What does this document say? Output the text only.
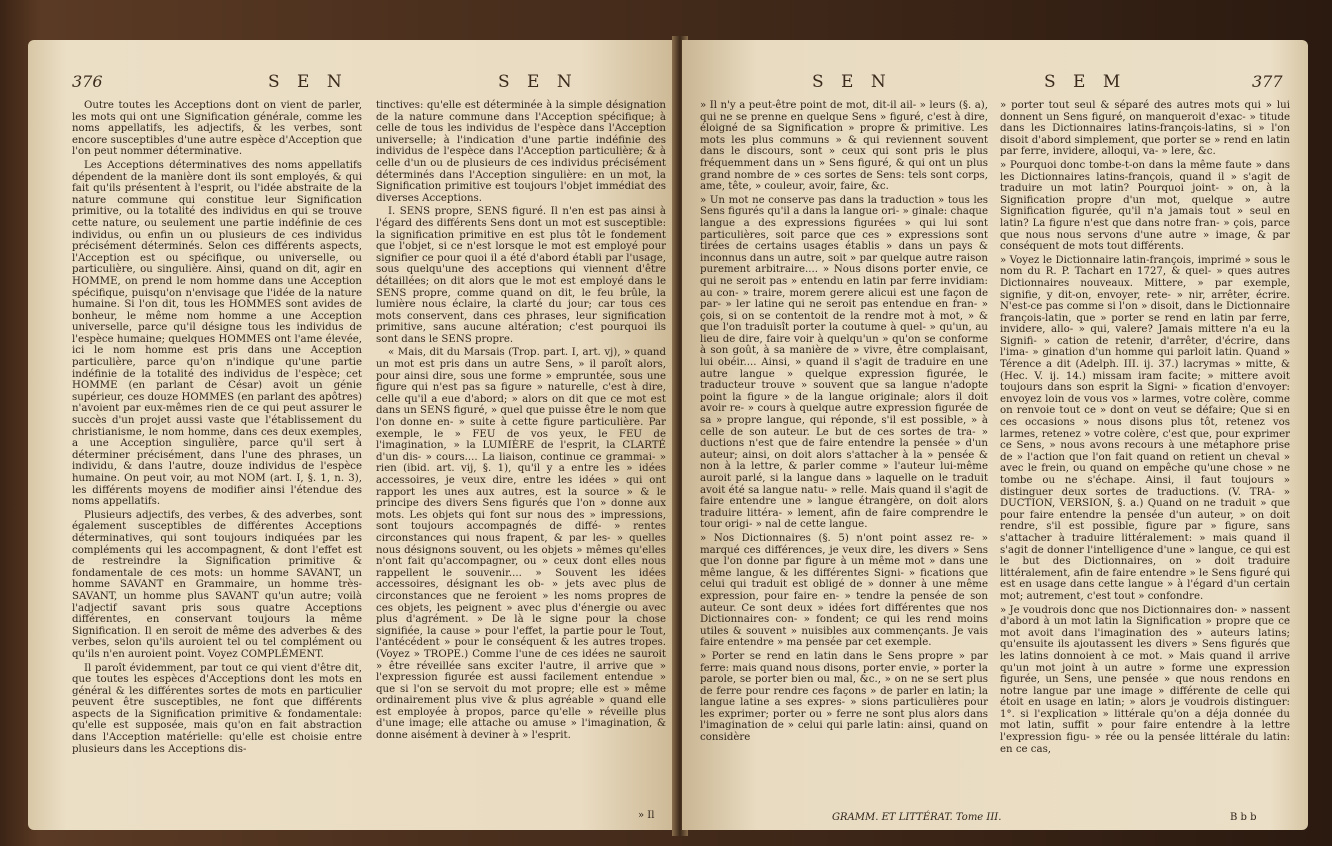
376	S E N	S E N

Outre toutes les Acceptions dont on vient de parler, les mots qui ont une Signification générale, comme les noms appellatifs, les adjectifs, & les verbes, sont encore susceptibles d'une autre espèce d'Acception que l'on peut nommer déterminative.

Les Acceptions déterminatives des noms appellatifs dépendent de la manière dont ils sont employés, & qui fait qu'ils présentent à l'esprit, ou l'idée abstraite de la nature commune qui constitue leur Signification primitive, ou la totalité des individus en qui se trouve cette nature, ou seulement une partie indéfinie de ces individus, ou enfin un ou plusieurs de ces individus précisément déterminés. Selon ces différents aspects, l'Acception est ou spécifique, ou universelle, ou particulière, ou singulière. Ainsi, quand on dit, agir en HOMME, on prend le nom homme dans une Acception spécifique, puisqu'on n'envisage que l'idée de la nature humaine. Si l'on dit, tous les HOMMES sont avides de bonheur, le même nom homme a une Acception universelle, parce qu'il désigne tous les individus de l'espèce humaine; quelques HOMMES ont l'ame élevée, ici le nom homme est pris dans une Acception particulière, parce qu'on n'indique qu'une partie indéfinie de la totalité des individus de l'espèce; cet HOMME (en parlant de César) avoit un génie supérieur, ces douze HOMMES (en parlant des apôtres) n'avoient par eux-mêmes rien de ce qui peut assurer le succès d'un projet aussi vaste que l'établissement du christianisme, le nom homme, dans ces deux exemples, a une Acception singulière, parce qu'il sert à déterminer précisément, dans l'une des phrases, un individu, & dans l'autre, douze individus de l'espèce humaine. On peut voir, au mot NOM (art. I, §. 1, n. 3), les différents moyens de modifier ainsi l'étendue des noms appellatifs.

Plusieurs adjectifs, des verbes, & des adverbes, sont également susceptibles de différentes Acceptions déterminatives, qui sont toujours indiquées par les compléments qui les accompagnent, & dont l'effet est de restreindre la Signification primitive & fondamentale de ces mots: un homme SAVANT, un homme SAVANT en Grammaire, un homme très-SAVANT, un homme plus SAVANT qu'un autre; voilà l'adjectif savant pris sous quatre Acceptions différentes, en conservant toujours la même Signification. Il en seroit de même des adverbes & des verbes, selon qu'ils auroient tel ou tel complément ou qu'ils n'en auroient point. Voyez COMPLÉMENT.

Il paroît évidemment, par tout ce qui vient d'être dit, que toutes les espèces d'Acceptions dont les mots en général & les différentes sortes de mots en particulier peuvent être susceptibles, ne font que différents aspects de la Signification primitive & fondamentale: qu'elle est supposée, mais qu'on en fait abstraction dans l'Acception matérielle: qu'elle est choisie entre plusieurs dans les Acceptions dis-

tinctives: qu'elle est déterminée à la simple désignation de la nature commune dans l'Acception spécifique; à celle de tous les individus de l'espèce dans l'Acception universelle; à l'indication d'une partie indéfinie des individus de l'espèce dans l'Acception particulière; & à celle d'un ou de plusieurs de ces individus précisément déterminés dans l'Acception singulière: en un mot, la Signification primitive est toujours l'objet immédiat des diverses Acceptions.

I. SENS propre, SENS figuré. Il n'en est pas ainsi à l'égard des différents Sens dont un mot est susceptible: la signification primitive en est plus tôt le fondement que l'objet, si ce n'est lorsque le mot est employé pour signifier ce pour quoi il a été d'abord établi par l'usage, sous quelqu'une des acceptions qui viennent d'être détaillées; on dit alors que le mot est employé dans le SENS propre, comme quand on dit, le feu brûle, la lumière nous éclaire, la clarté du jour; car tous ces mots conservent, dans ces phrases, leur signification primitive, sans aucune altération; c'est pourquoi ils sont dans le SENS propre.

« Mais, dit du Marsais (Trop. part. I, art. vj), » quand un mot est pris dans un autre Sens, » il paroît alors, pour ainsi dire, sous une forme » empruntée, sous une figure qui n'est pas sa figure » naturelle, c'est à dire, celle qu'il a eue d'abord; » alors on dit que ce mot est dans un SENS figuré, » quel que puisse être le nom que l'on donne en- » suite à cette figure particulière. Par exemple, le » FEU de vos yeux, le FEU de l'imagination, » la LUMIÈRE de l'esprit, la CLARTÉ d'un dis- » cours.... La liaison, continue ce grammai- » rien (ibid. art. vij, §. 1), qu'il y a entre les » idées accessoires, je veux dire, entre les idées » qui ont rapport les unes aux autres, est la source » & le principe des divers Sens figurés que l'on » donne aux mots. Les objets qui font sur nous des » impressions, sont toujours accompagnés de diffé- » rentes circonstances qui nous frapent, & par les- » quelles nous désignons souvent, ou les objets » mêmes qu'elles n'ont fait qu'accompagner, ou » ceux dont elles nous rappellent le souvenir.... » Souvent les idées accessoires, désignant les ob- » jets avec plus de circonstances que ne feroient » les noms propres de ces objets, les peignent » avec plus d'énergie ou avec plus d'agrément. » De là le signe pour la chose signifiée, la cause » pour l'effet, la partie pour le Tout, l'antécédent » pour le conséquent & les autres tropes. (Voyez » TROPE.) Comme l'une de ces idées ne sauroit » être réveillée sans exciter l'autre, il arrive que » l'expression figurée est aussi facilement entendue » que si l'on se servoit du mot propre; elle est » même ordinairement plus vive & plus agréable » quand elle est employée à propos, parce qu'elle » réveille plus d'une image; elle attache ou amuse » l'imagination, & donne aisément à deviner à » l'esprit.

» Il
S E N	S E M	377

» Il n'y a peut-être point de mot, dit-il ail- » leurs (§. a), qui ne se prenne en quelque Sens » figuré, c'est à dire, éloigné de sa Signification » propre & primitive. Les mots les plus communs » & qui reviennent souvent dans le discours, sont » ceux qui sont pris le plus fréquemment dans un » Sens figuré, & qui ont un plus grand nombre de » ces sortes de Sens: tels sont corps, ame, tête, » couleur, avoir, faire, &c.

» Un mot ne conserve pas dans la traduction » tous les Sens figurés qu'il a dans la langue ori- » ginale: chaque langue a des expressions figurées » qui lui sont particulières, soit parce que ces » expressions sont tirées de certains usages établis » dans un pays & inconnus dans un autre, soit » par quelque autre raison purement arbitraire.... » Nous disons porter envie, ce qui ne seroit pas » entendu en latin par ferre invidiam: au con- » traire, morem gerere alicui est une façon de par- » ler latine qui ne seroit pas entendue en fran- » çois, si on se contentoit de la rendre mot à mot, » & que l'on traduisît porter la coutume à quel- » qu'un, au lieu de dire, faire voir à quelqu'un » qu'on se conforme à son goût, à sa manière de » vivre, être complaisant, lui obéir.... Ainsi, » quand il s'agit de traduire en une autre langue » quelque expression figurée, le traducteur trouve » souvent que sa langue n'adopte point la figure » de la langue originale; alors il doit avoir re- » cours à quelque autre expression figurée de sa » propre langue, qui réponde, s'il est possible, » à celle de son auteur. Le but de ces sortes de tra- » ductions n'est que de faire entendre la pensée » d'un auteur; ainsi, on doit alors s'attacher à la » pensée & non à la lettre, & parler comme » l'auteur lui-même auroit parlé, si la langue dans » laquelle on le traduit avoit été sa langue natu- » relle. Mais quand il s'agit de faire entendre une » langue étrangère, on doit alors traduire littéra- » lement, afin de faire comprendre le tour origi- » nal de cette langue.

» Nos Dictionnaires (§. 5) n'ont point assez re- » marqué ces différences, je veux dire, les divers » Sens que l'on donne par figure à un même mot » dans une même langue, & les différentes Signi- » fications que celui qui traduit est obligé de » donner à une même expression, pour faire en- » tendre la pensée de son auteur. Ce sont deux » idées fort différentes que nos Dictionnaires con- » fondent; ce qui les rend moins utiles & souvent » nuisibles aux commençants. Je vais faire entendre » ma pensée par cet exemple.

» Porter se rend en latin dans le Sens propre » par ferre: mais quand nous disons, porter envie, » porter la parole, se porter bien ou mal, &c., » on ne se sert plus de ferre pour rendre ces façons » de parler en latin; la langue latine a ses expres- » sions particulières pour les exprimer; porter ou » ferre ne sont plus alors dans l'imagination de » celui qui parle latin: ainsi, quand on considère

» porter tout seul & séparé des autres mots qui » lui donnent un Sens figuré, on manqueroit d'exac- » titude dans les Dictionnaires latins-françois-latins, si » l'on disoit d'abord simplement, que porter se » rend en latin par ferre, invidere, alloqui, va- » lere, &c.

» Pourquoi donc tombe-t-on dans la même faute » dans les Dictionnaires latins-françois, quand il » s'agit de traduire un mot latin? Pourquoi joint- » on, à la Signification propre d'un mot, quelque » autre Signification figurée, qu'il n'a jamais tout » seul en latin? La figure n'est que dans notre fran- » çois, parce que nous nous servons d'une autre » image, & par conséquent de mots tout différents.

» Voyez le Dictionnaire latin-françois, imprimé » sous le nom du R. P. Tachart en 1727, & quel- » ques autres Dictionnaires nouveaux. Mittere, » par exemple, signifie, y dit-on, envoyer, rete- » nir, arrêter, écrire. N'est-ce pas comme si l'on » disoit, dans le Dictionnaire françois-latin, que » porter se rend en latin par ferre, invidere, allo- » qui, valere? Jamais mittere n'a eu la Signifi- » cation de retenir, d'arrêter, d'écrire, dans l'ima- » gination d'un homme qui parloit latin. Quand » Térence a dit (Adelph. III. ij. 37.) lacrymas » mitte, & (Hec. V. ij. 14.) missam iram facite; » mittere avoit toujours dans son esprit la Signi- » fication d'envoyer: envoyez loin de vous vos » larmes, votre colère, comme on renvoie tout ce » dont on veut se défaire; Que si en ces occasions » nous disons plus tôt, retenez vos larmes, retenez » votre colère, c'est que, pour exprimer ce Sens, » nous avons recours à une métaphore prise de » l'action que l'on fait quand on retient un cheval » avec le frein, ou quand on empêche qu'une chose » ne tombe ou ne s'échape. Ainsi, il faut toujours » distinguer deux sortes de traductions. (V. TRA- » DUCTION, VERSION, §. a.) Quand on ne traduit » que pour faire entendre la pensée d'un auteur, » on doit rendre, s'il est possible, figure par » figure, sans s'attacher à traduire littéralement: » mais quand il s'agit de donner l'intelligence d'une » langue, ce qui est le but des Dictionnaires, on » doit traduire littéralement, afin de faire entendre » le Sens figuré qui est en usage dans cette langue » à l'égard d'un certain mot; autrement, c'est tout » confondre.

» Je voudrois donc que nos Dictionnaires don- » nassent d'abord à un mot latin la Signification » propre que ce mot avoit dans l'imagination des » auteurs latins; qu'ensuite ils ajoutassent les divers » Sens figurés que les latins donnoient à ce mot. » Mais quand il arrive qu'un mot joint à un autre » forme une expression figurée, un Sens, une pensée » que nous rendons en notre langue par une image » différente de celle qui étoit en usage en latin; » alors je voudrois distinguer: 1°. si l'explication » littérale qu'on a déja donnée du mot latin, suffit » pour faire entendre à la lettre l'expression figu- » rée ou la pensée littérale du latin: en ce cas,

GRAMM. ET LITTÉRAT. Tome III.	B b b
